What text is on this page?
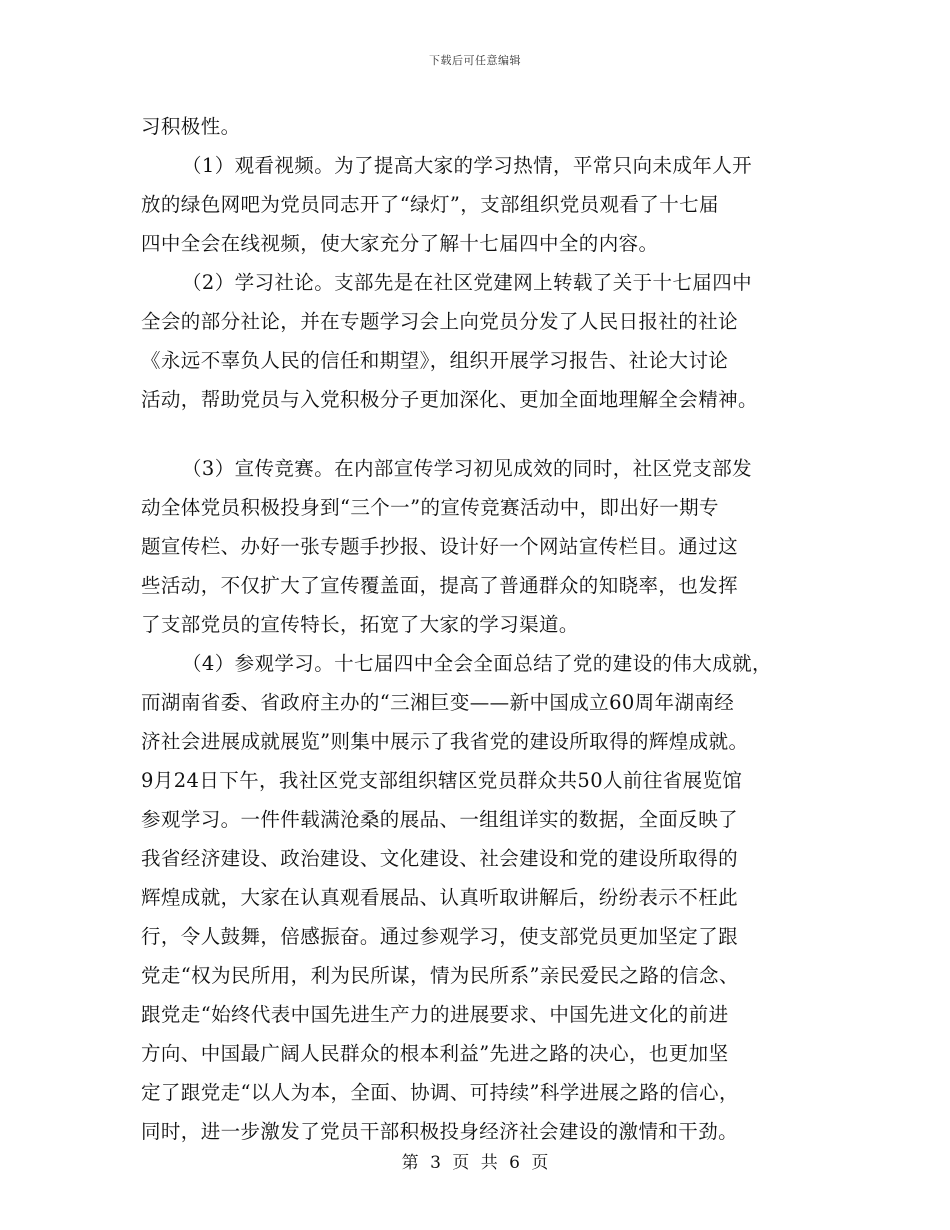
下载后可任意编辑
习积极性。
（1）观看视频。为了提高大家的学习热情，平常只向未成年人开
放的绿色网吧为党员同志开了“绿灯”，支部组织党员观看了十七届
四中全会在线视频，使大家充分了解十七届四中全的内容。
（2）学习社论。支部先是在社区党建网上转载了关于十七届四中
全会的部分社论，并在专题学习会上向党员分发了人民日报社的社论
《永远不辜负人民的信任和期望》，组织开展学习报告、社论大讨论
活动，帮助党员与入党积极分子更加深化、更加全面地理解全会精神。
（3）宣传竞赛。在内部宣传学习初见成效的同时，社区党支部发
动全体党员积极投身到“三个一”的宣传竞赛活动中，即出好一期专
题宣传栏、办好一张专题手抄报、设计好一个网站宣传栏目。通过这
些活动，不仅扩大了宣传覆盖面，提高了普通群众的知晓率，也发挥
了支部党员的宣传特长，拓宽了大家的学习渠道。
（4）参观学习。十七届四中全会全面总结了党的建设的伟大成就，
而湖南省委、省政府主办的“三湘巨变——新中国成立60周年湖南经
济社会进展成就展览”则集中展示了我省党的建设所取得的辉煌成就。
9月24日下午，我社区党支部组织辖区党员群众共50人前往省展览馆
参观学习。一件件载满沧桑的展品、一组组详实的数据，全面反映了
我省经济建设、政治建设、文化建设、社会建设和党的建设所取得的
辉煌成就，大家在认真观看展品、认真听取讲解后，纷纷表示不枉此
行，令人鼓舞，倍感振奋。通过参观学习，使支部党员更加坚定了跟
党走“权为民所用，利为民所谋，情为民所系”亲民爱民之路的信念、
跟党走“始终代表中国先进生产力的进展要求、中国先进文化的前进
方向、中国最广阔人民群众的根本利益”先进之路的决心，也更加坚
定了跟党走“以人为本，全面、协调、可持续”科学进展之路的信心，
同时，进一步激发了党员干部积极投身经济社会建设的激情和干劲。
第 3 页 共 6 页
